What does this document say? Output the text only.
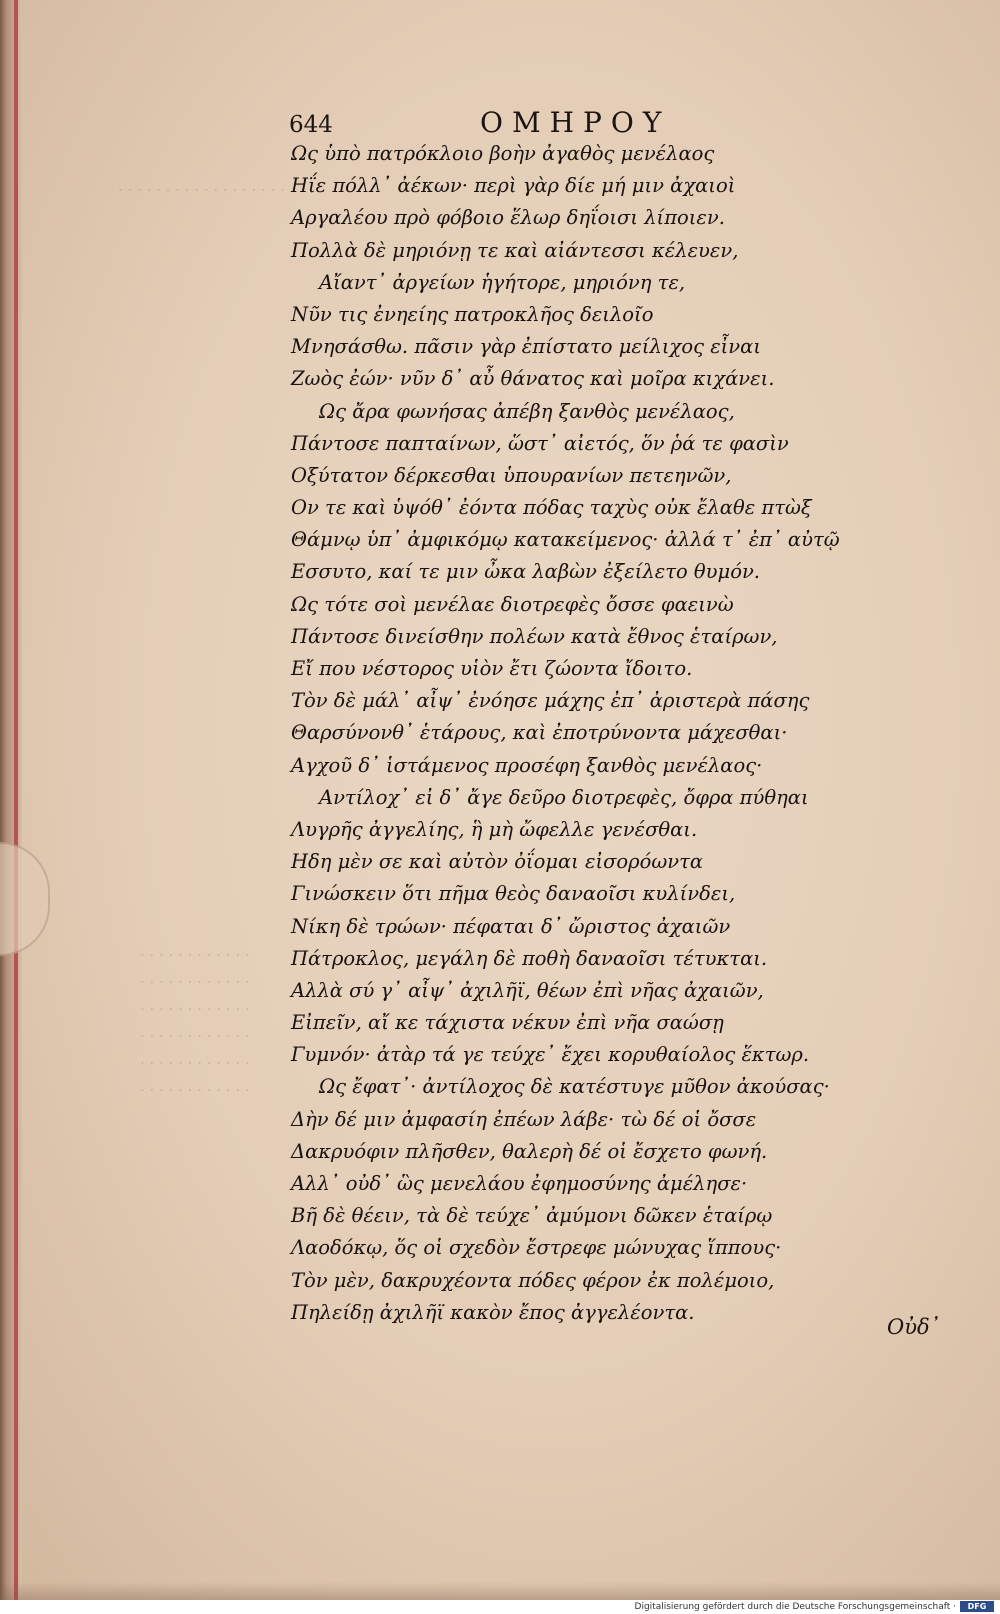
. . . . . . . . . . . . . . . . . .
. . . . . . . . . . . .
. . . . . . . . . . . .
. . . . . . . . . . . .
. . . . . . . . . . . .
. . . . . . . . . . . .
. . . . . . . . . . . .
644	ΟΜΗΡΟΥ
Ως ὑπὸ πατρόκλοιο βοὴν ἀγαθὸς μενέλαος
Ηΐε πόλλ᾽ ἀέκων· περὶ γὰρ δίε μή μιν ἀχαιοὶ
Αργαλέου πρὸ φόβοιο ἕλωρ δηΐοισι λίποιεν.
Πολλὰ δὲ μηριόνῃ τε καὶ αἰάντεσσι κέλευεν,
Αἴαντ᾽ ἀργείων ἡγήτορε, μηριόνη τε,
Νῦν τις ἐνηείης πατροκλῆος δειλοῖο
Μνησάσθω. πᾶσιν γὰρ ἐπίστατο μείλιχος εἶναι
Ζωὸς ἐών· νῦν δ᾽ αὖ θάνατος καὶ μοῖρα κιχάνει.
Ως ἄρα φωνήσας ἀπέβη ξανθὸς μενέλαος,
Πάντοσε παπταίνων, ὥστ᾽ αἰετός, ὅν ῥά τε φασὶν
Οξύτατον δέρκεσθαι ὑπουρανίων πετεηνῶν,
Ον τε καὶ ὑψόθ᾽ ἐόντα πόδας ταχὺς οὐκ ἔλαθε πτὼξ
Θάμνῳ ὑπ᾽ ἀμφικόμῳ κατακείμενος· ἀλλά τ᾽ ἐπ᾽ αὐτῷ
Εσσυτο, καί τε μιν ὦκα λαβὼν ἐξείλετο θυμόν.
Ως τότε σοὶ μενέλαε διοτρεφὲς ὄσσε φαεινὼ
Πάντοσε δινείσθην πολέων κατὰ ἔθνος ἑταίρων,
Εἴ που νέστορος υἱὸν ἔτι ζώοντα ἴδοιτο.
Τὸν δὲ μάλ᾽ αἶψ᾽ ἐνόησε μάχης ἐπ᾽ ἀριστερὰ πάσης
Θαρσύνονθ᾽ ἑτάρους, καὶ ἐποτρύνοντα μάχεσθαι·
Αγχοῦ δ᾽ ἱστάμενος προσέφη ξανθὸς μενέλαος·
Αντίλοχ᾽ εἰ δ᾽ ἄγε δεῦρο διοτρεφὲς, ὄφρα πύθηαι
Λυγρῆς ἀγγελίης, ἣ μὴ ὤφελλε γενέσθαι.
Ηδη μὲν σε καὶ αὐτὸν ὀΐομαι εἰσορόωντα
Γινώσκειν ὅτι πῆμα θεὸς δαναοῖσι κυλίνδει,
Νίκη δὲ τρώων· πέφαται δ᾽ ὤριστος ἀχαιῶν
Πάτροκλος, μεγάλη δὲ ποθὴ δαναοῖσι τέτυκται.
Αλλὰ σύ γ᾽ αἶψ᾽ ἀχιλῆϊ, θέων ἐπὶ νῆας ἀχαιῶν,
Εἰπεῖν, αἴ κε τάχιστα νέκυν ἐπὶ νῆα σαώσῃ
Γυμνόν· ἀτὰρ τά γε τεύχε᾽ ἔχει κορυθαίολος ἕκτωρ.
Ως ἔφατ᾽· ἀντίλοχος δὲ κατέστυγε μῦθον ἀκούσας·
Δὴν δέ μιν ἀμφασίη ἐπέων λάβε· τὼ δέ οἱ ὄσσε
Δακρυόφιν πλῆσθεν, θαλερὴ δέ οἱ ἔσχετο φωνή.
Αλλ᾽ οὐδ᾽ ὣς μενελάου ἐφημοσύνης ἀμέλησε·
Βῆ δὲ θέειν, τὰ δὲ τεύχε᾽ ἀμύμονι δῶκεν ἑταίρῳ
Λαοδόκῳ, ὅς οἱ σχεδὸν ἔστρεφε μώνυχας ἵππους·
Τὸν μὲν, δακρυχέοντα πόδες φέρον ἐκ πολέμοιο,
Πηλείδῃ ἀχιλῆϊ κακὸν ἔπος ἀγγελέοντα.
Οὐδ᾽
Digitalisierung gefördert durch die Deutsche Forschungsgemeinschaft ·	DFG
